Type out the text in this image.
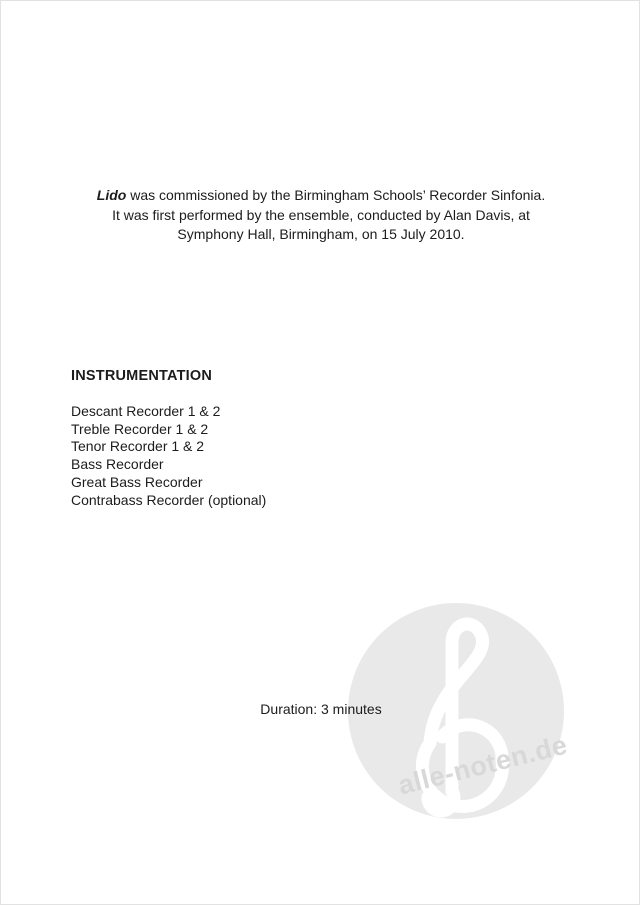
alle-noten.de
Lido was commissioned by the Birmingham Schools’ Recorder Sinfonia.
It was first performed by the ensemble, conducted by Alan Davis, at
Symphony Hall, Birmingham, on 15 July 2010.
INSTRUMENTATION
Descant Recorder 1 & 2
Treble Recorder 1 & 2
Tenor Recorder 1 & 2
Bass Recorder
Great Bass Recorder
Contrabass Recorder (optional)
Duration: 3 minutes
